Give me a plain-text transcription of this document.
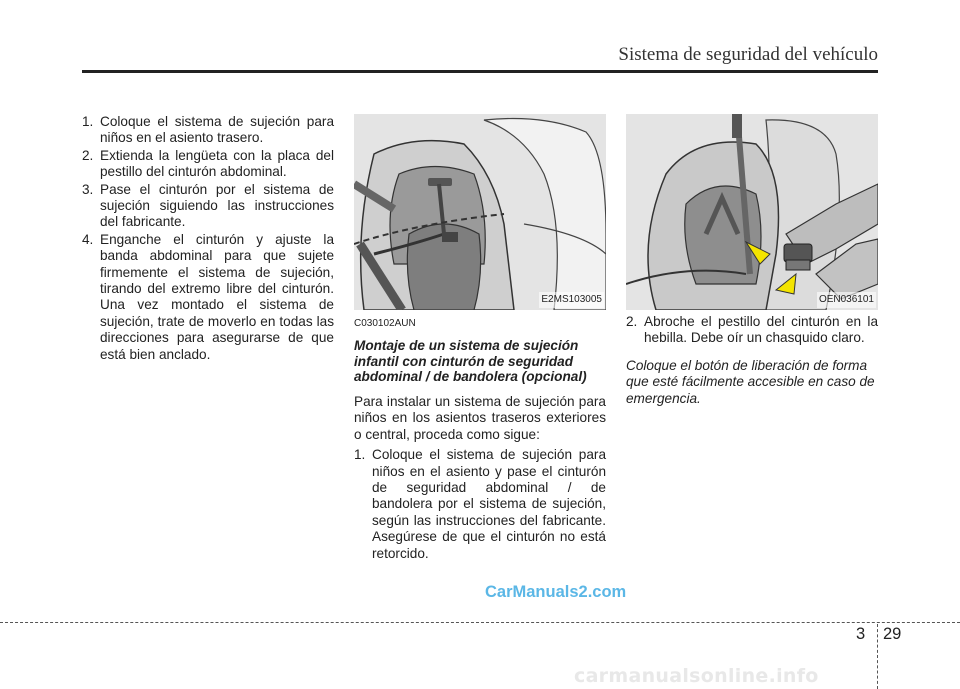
Sistema de seguridad del vehículo
1. Coloque el sistema de sujeción para niños en el asiento trasero.
2. Extienda la lengüeta con la placa del pestillo del cinturón abdominal.
3. Pase el cinturón por el sistema de sujeción siguiendo las instrucciones del fabricante.
4. Enganche el cinturón y ajuste la banda abdominal para que sujete firmemente el sistema de sujeción, tirando del extremo libre del cinturón. Una vez montado el sistema de sujeción, trate de moverlo en todas las direcciones para asegurarse de que está bien anclado.
E2MS103005
C030102AUN
Montaje de un sistema de sujeción infantil con cinturón de seguridad abdominal / de bandolera (opcional)
Para instalar un sistema de sujeción para niños en los asientos traseros exteriores o central, proceda como sigue:
1. Coloque el sistema de sujeción para niños en el asiento y pase el cinturón de seguridad abdominal / de bandolera por el sistema de sujeción, según las instrucciones del fabricante. Asegúrese de que el cinturón no está retorcido.
OEN036101
2. Abroche el pestillo del cinturón en la hebilla. Debe oír un chasquido claro.
Coloque el botón de liberación de forma que esté fácilmente accesible en caso de emergencia.
CarManuals2.com
3 29
carmanualsonline.info
